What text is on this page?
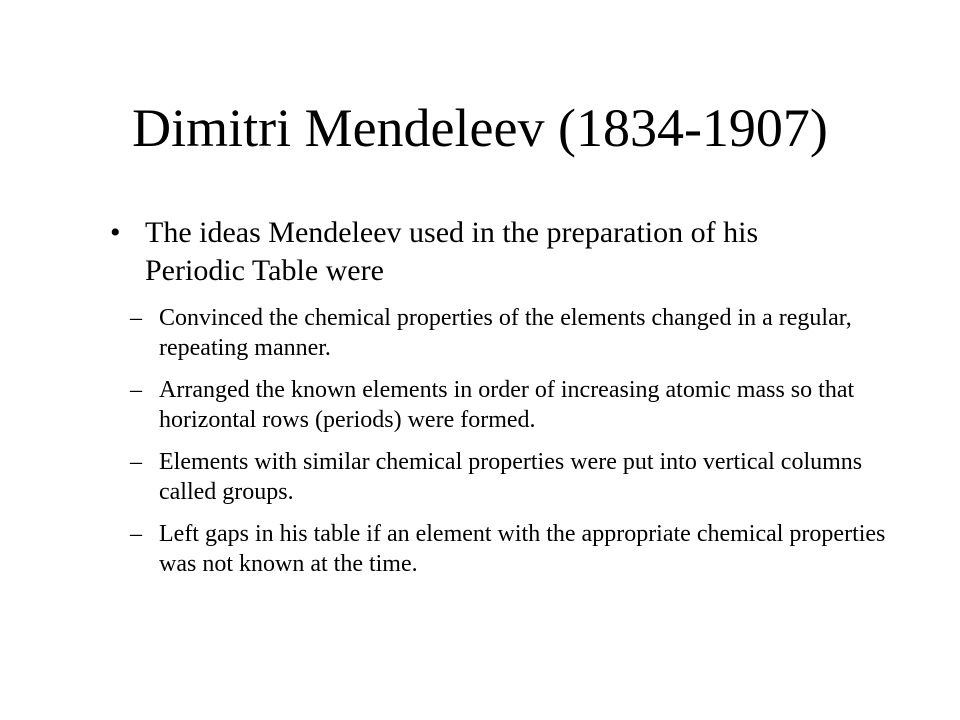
Dimitri Mendeleev (1834-1907)
• The ideas Mendeleev used in the preparation of his Periodic Table were
– Convinced the chemical properties of the elements changed in a regular, repeating manner.
– Arranged the known elements in order of increasing atomic mass so that horizontal rows (periods) were formed.
– Elements with similar chemical properties were put into vertical columns called groups.
– Left gaps in his table if an element with the appropriate chemical properties was not known at the time.
